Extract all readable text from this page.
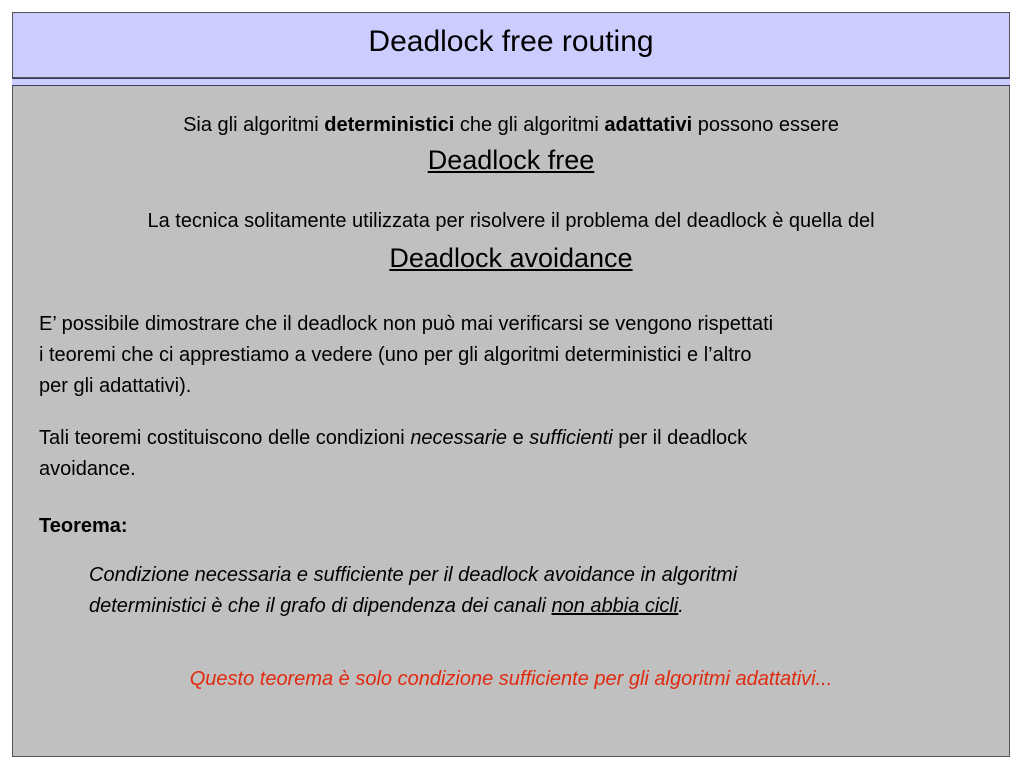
Deadlock free routing
Sia gli algoritmi deterministici che gli algoritmi adattativi possono essere
Deadlock free
La tecnica solitamente utilizzata per risolvere il problema del deadlock è quella del
Deadlock avoidance
E’ possibile dimostrare che il deadlock non può mai verificarsi se vengono rispettati
i teoremi che ci apprestiamo a vedere (uno per gli algoritmi deterministici e l’altro
per gli adattativi).
Tali teoremi costituiscono delle condizioni necessarie e sufficienti per il deadlock
avoidance.
Teorema:
Condizione necessaria e sufficiente per il deadlock avoidance in algoritmi
deterministici è che il grafo di dipendenza dei canali non abbia cicli.
Questo teorema è solo condizione sufficiente per gli algoritmi adattativi...
